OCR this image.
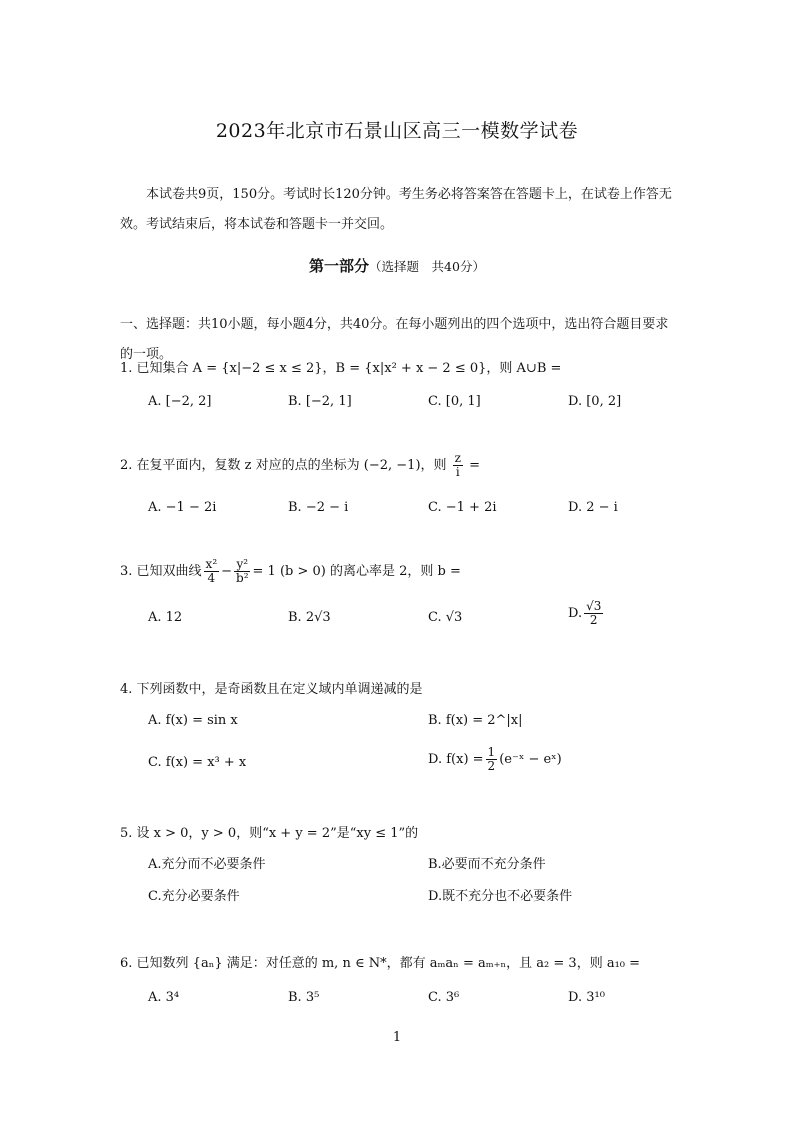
2023年北京市石景山区高三一模数学试卷
本试卷共9页，150分。考试时长120分钟。考生务必将答案答在答题卡上，在试卷上作答无效。考试结束后，将本试卷和答题卡一并交回。
第一部分（选择题　共40分）
一、选择题：共10小题，每小题4分，共40分。在每小题列出的四个选项中，选出符合题目要求的一项。
1. 已知集合 A = {x|−2 ≤ x ≤ 2}，B = {x|x² + x − 2 ≤ 0}，则 A∪B =
A. [−2, 2]	B. [−2, 1]	C. [0, 1]	D. [0, 2]
2. 在复平面内，复数 z 对应的点的坐标为 (−2, −1)，则 $\frac{z}{i}$ =
A. −1 − 2i	B. −2 − i	C. −1 + 2i	D. 2 − i
3. 已知双曲线 $\frac{\text{x²}}{4} - \frac{\text{y²}}{\text{b²}} = 1$ (b > 0) 的离心率是 2，则 b =
A. 12	B. 2√3	C. √3	D. $\frac{√3}{2}$
4. 下列函数中，是奇函数且在定义域内单调递减的是
A. f(x) = sin x	B. f(x) = 2^|x|
C. f(x) = x³ + x	D. $f(x) = \frac{1}{2}$ (e⁻ˣ − eˣ)
5. 设 x > 0，y > 0，则“x + y = 2”是“xy ≤ 1”的
A.充分而不必要条件	B.必要而不充分条件
C.充分必要条件	D.既不充分也不必要条件
6. 已知数列 {aₙ} 满足：对任意的 m, n ∈ N*，都有 aₘaₙ = aₘ₊ₙ，且 a₂ = 3，则 a₁₀ =
A. 3⁴	B. 3⁵	C. 3⁶	D. 3¹⁰
1
